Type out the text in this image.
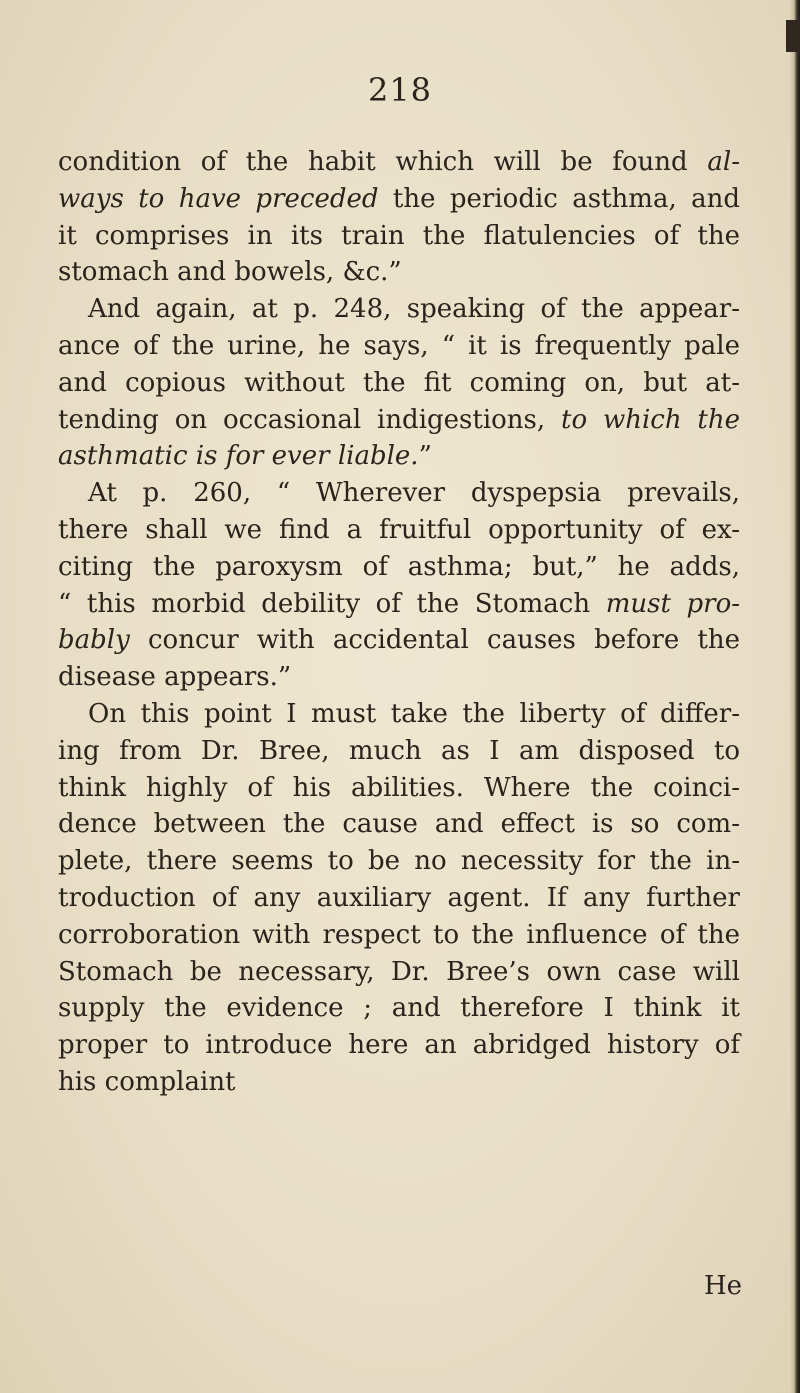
218
condition of the habit which will be found al-
ways to have preceded the periodic asthma, and
it comprises in its train the flatulencies of the
stomach and bowels, &c.”
And again, at p. 248, speaking of the appear-
ance of the urine, he says, “ it is frequently pale
and copious without the fit coming on, but at-
tending on occasional indigestions, to which the
asthmatic is for ever liable.”
At p. 260, “ Wherever dyspepsia prevails,
there shall we find a fruitful opportunity of ex-
citing the paroxysm of asthma; but,” he adds,
“ this morbid debility of the Stomach must pro-
bably concur with accidental causes before the
disease appears.”
On this point I must take the liberty of differ-
ing from Dr. Bree, much as I am disposed to
think highly of his abilities. Where the coinci-
dence between the cause and effect is so com-
plete, there seems to be no necessity for the in-
troduction of any auxiliary agent. If any further
corroboration with respect to the influence of the
Stomach be necessary, Dr. Bree’s own case will
supply the evidence ; and therefore I think it
proper to introduce here an abridged history of
his complaint
He
